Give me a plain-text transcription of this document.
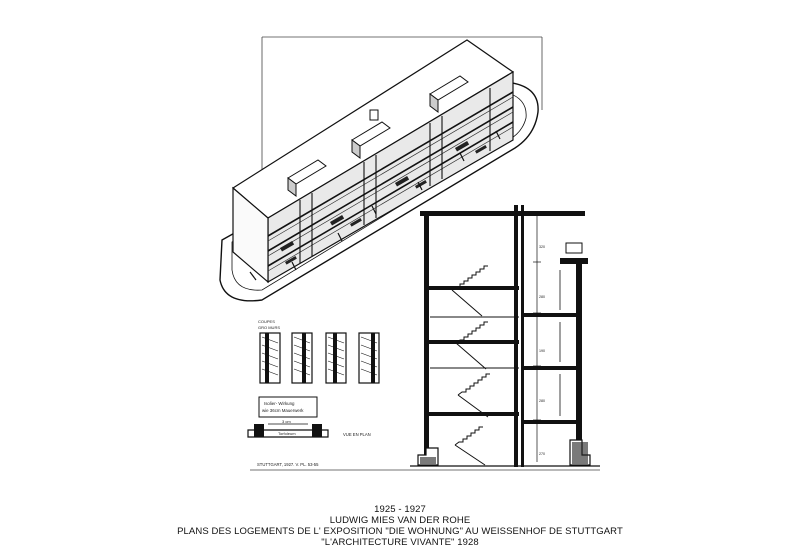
COUPES
GRO MURS
Isolier- Wirkung
wie 36cm Mauerwerk
3 cm
Torfoleum	VUE EN PLAN
STUTTGART, 1927. V. PL. 53-55
320
280
190
280
270
1925 - 1927
LUDWIG MIES VAN DER ROHE
PLANS DES LOGEMENTS DE L' EXPOSITION "DIE WOHNUNG" AU WEISSENHOF DE STUTTGART
"L'ARCHITECTURE VIVANTE" 1928
